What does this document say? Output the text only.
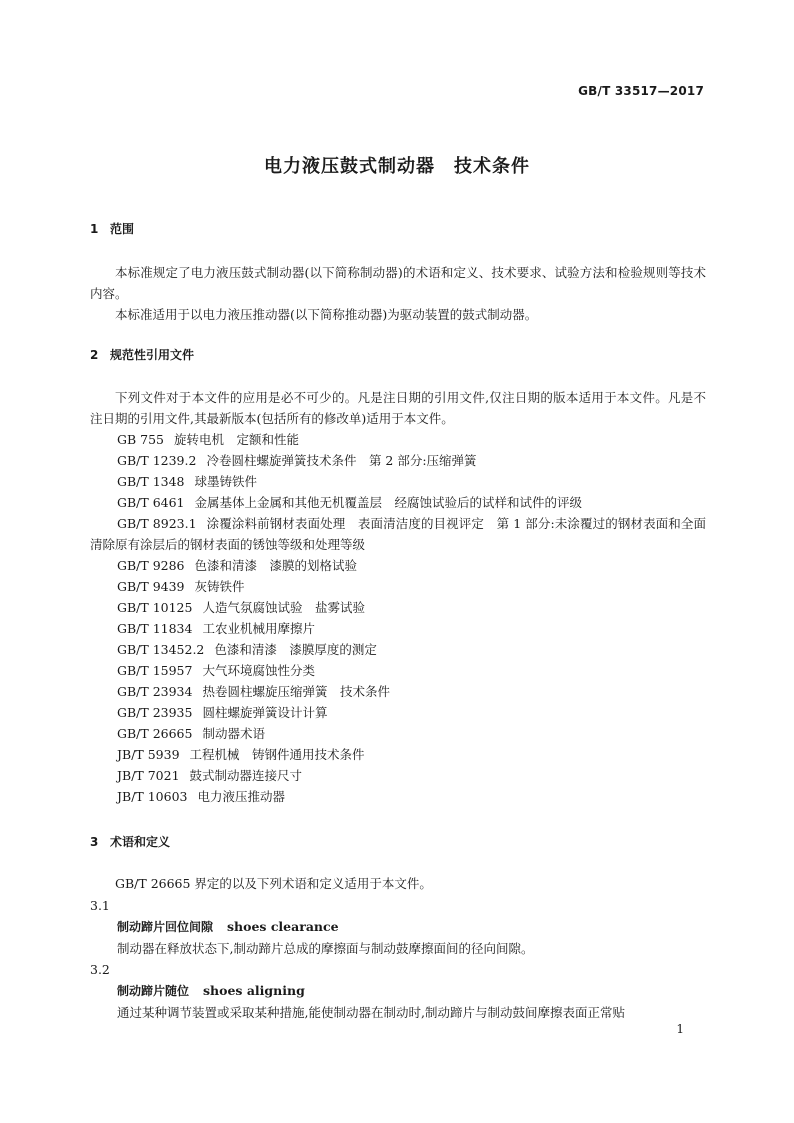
GB/T 33517—2017
电力液压鼓式制动器　技术条件
1 范围

本标准规定了电力液压鼓式制动器(以下简称制动器)的术语和定义、技术要求、试验方法和检验规则等技术内容。

本标准适用于以电力液压推动器(以下简称推动器)为驱动装置的鼓式制动器。

2 规范性引用文件

下列文件对于本文件的应用是必不可少的。凡是注日期的引用文件,仅注日期的版本适用于本文件。凡是不注日期的引用文件,其最新版本(包括所有的修改单)适用于本文件。

GB 755 旋转电机　定额和性能
GB/T 1239.2 冷卷圆柱螺旋弹簧技术条件　第 2 部分:压缩弹簧
GB/T 1348 球墨铸铁件
GB/T 6461 金属基体上金属和其他无机覆盖层　经腐蚀试验后的试样和试件的评级
GB/T 8923.1 涂覆涂料前钢材表面处理　表面清洁度的目视评定　第 1 部分:未涂覆过的钢材表面和全面清除原有涂层后的钢材表面的锈蚀等级和处理等级
GB/T 9286 色漆和清漆　漆膜的划格试验
GB/T 9439 灰铸铁件
GB/T 10125 人造气氛腐蚀试验　盐雾试验
GB/T 11834 工农业机械用摩擦片
GB/T 13452.2 色漆和清漆　漆膜厚度的测定
GB/T 15957 大气环境腐蚀性分类
GB/T 23934 热卷圆柱螺旋压缩弹簧　技术条件
GB/T 23935 圆柱螺旋弹簧设计计算
GB/T 26665 制动器术语
JB/T 5939 工程机械　铸钢件通用技术条件
JB/T 7021 鼓式制动器连接尺寸
JB/T 10603 电力液压推动器
3 术语和定义

GB/T 26665 界定的以及下列术语和定义适用于本文件。

3.1
制动蹄片回位间隙 shoes clearance
制动器在释放状态下,制动蹄片总成的摩擦面与制动鼓摩擦面间的径向间隙。
3.2
制动蹄片随位 shoes aligning
通过某种调节装置或采取某种措施,能使制动器在制动时,制动蹄片与制动鼓间摩擦表面正常贴
1
